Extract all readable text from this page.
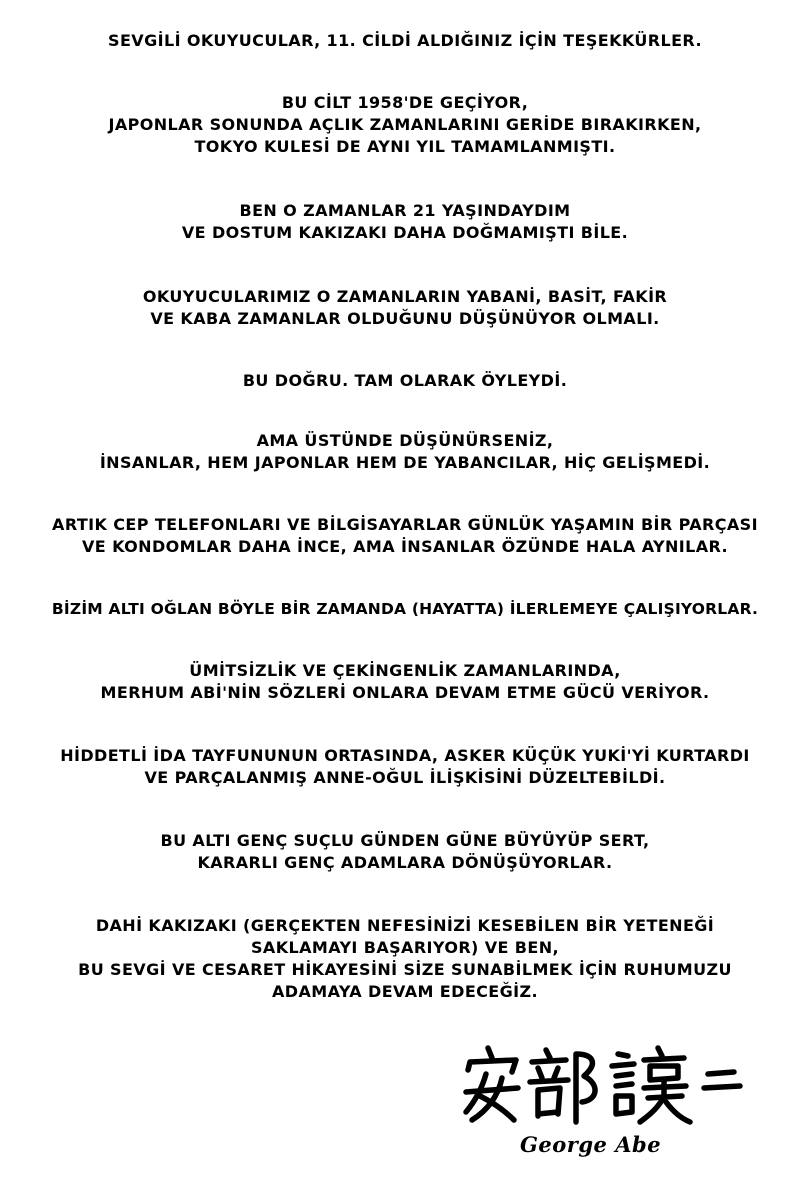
SEVGİLİ OKUYUCULAR, 11. CİLDİ ALDIĞINIZ İÇİN TEŞEKKÜRLER.

BU CİLT 1958'DE GEÇİYOR,
JAPONLAR SONUNDA AÇLIK ZAMANLARINI GERİDE BIRAKIRKEN,
TOKYO KULESİ DE AYNI YIL TAMAMLANMIŞTI.

BEN O ZAMANLAR 21 YAŞINDAYDIM
VE DOSTUM KAKIZAKI DAHA DOĞMAMIŞTI BİLE.

OKUYUCULARIMIZ O ZAMANLARIN YABANİ, BASİT, FAKİR
VE KABA ZAMANLAR OLDUĞUNU DÜŞÜNÜYOR OLMALI.

BU DOĞRU. TAM OLARAK ÖYLEYDİ.

AMA ÜSTÜNDE DÜŞÜNÜRSENİZ,
İNSANLAR, HEM JAPONLAR HEM DE YABANCILAR, HİÇ GELİŞMEDİ.

ARTIK CEP TELEFONLARI VE BİLGİSAYARLAR GÜNLÜK YAŞAMIN BİR PARÇASI
VE KONDOMLAR DAHA İNCE, AMA İNSANLAR ÖZÜNDE HALA AYNILAR.

BİZİM ALTI OĞLAN BÖYLE BİR ZAMANDA (HAYATTA) İLERLEMEYE ÇALIŞIYORLAR.

ÜMİTSİZLİK VE ÇEKİNGENLİK ZAMANLARINDA,
MERHUM ABİ'NİN SÖZLERİ ONLARA DEVAM ETME GÜCÜ VERİYOR.

HİDDETLİ İDA TAYFUNUNUN ORTASINDA, ASKER KÜÇÜK YUKİ'Yİ KURTARDI
VE PARÇALANMIŞ ANNE-OĞUL İLİŞKİSİNİ DÜZELTEBİLDİ.

BU ALTI GENÇ SUÇLU GÜNDEN GÜNE BÜYÜYÜP SERT,
KARARLI GENÇ ADAMLARA DÖNÜŞÜYORLAR.

DAHİ KAKIZAKI (GERÇEKTEN NEFESİNİZİ KESEBİLEN BİR YETENEĞİ
SAKLAMAYI BAŞARIYOR) VE BEN,
BU SEVGİ VE CESARET HİKAYESİNİ SİZE SUNABİLMEK İÇİN RUHUMUZU
ADAMAYA DEVAM EDECEĞİZ.

George Abe
